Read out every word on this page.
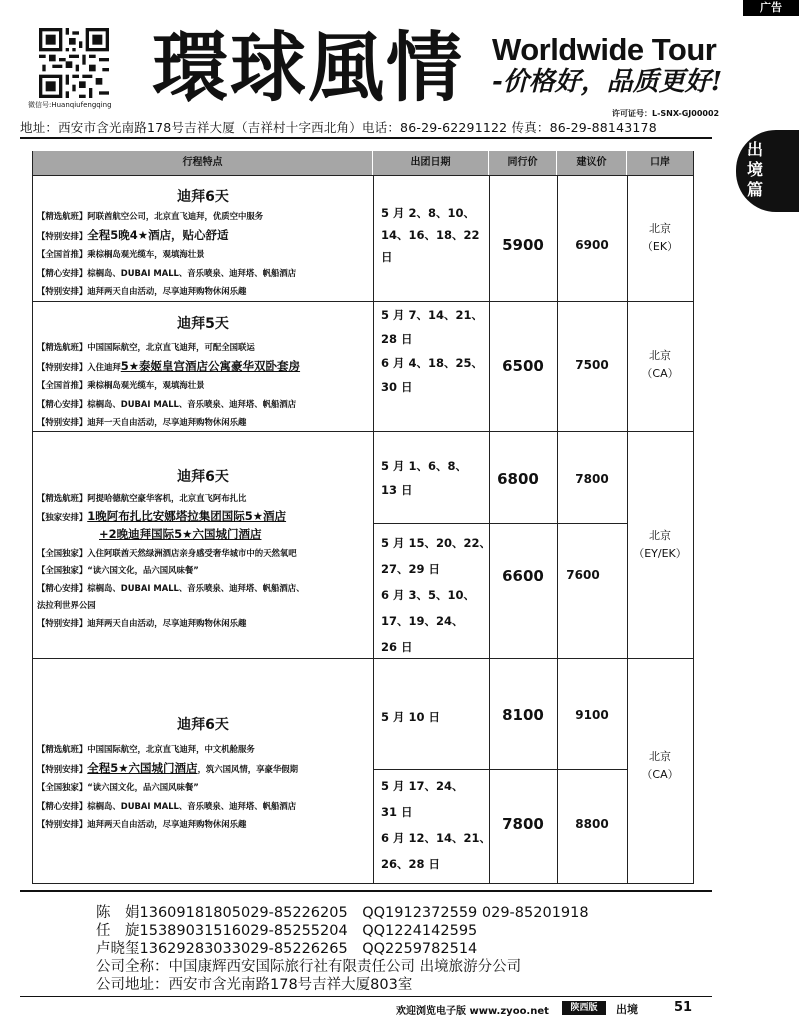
广告
微信号:Huanqiufengqing 環球風情 Worldwide Tour
-价格好，品质更好!
许可证号：L-SNX-GJ00002
地址：西安市含光南路178号吉祥大厦（吉祥村十字西北角）电话：86-29-62291122 传真：86-29-88143178
出境篇
行程特点	出团日期	同行价	建议价	口岸
迪拜6天
【精选航班】阿联酋航空公司，北京直飞迪拜，优质空中服务
【特别安排】全程5晚4★酒店，贴心舒适
【全国首推】乘棕榈岛观光缆车，观填海壮景
【精心安排】棕榈岛、DUBAI MALL、音乐喷泉、迪拜塔、帆船酒店
【特别安排】迪拜两天自由活动，尽享迪拜购物休闲乐趣
5 月 2、8、10、
14、16、18、22
日
5900	6900
北京
（EK）
迪拜5天
【精选航班】中国国际航空，北京直飞迪拜，可配全国联运
【特别安排】入住迪拜5★泰姬皇宫酒店公寓豪华双卧套房
【全国首推】乘棕榈岛观光缆车，观填海壮景
【精心安排】棕榈岛、DUBAI MALL、音乐喷泉、迪拜塔、帆船酒店
【特别安排】迪拜一天自由活动，尽享迪拜购物休闲乐趣
5 月 7、14、21、
28 日
6 月 4、18、25、
30 日
6500	7500
北京
（CA）
迪拜6天
【精选航班】阿提哈德航空豪华客机，北京直飞阿布扎比
【独家安排】1晚阿布扎比安娜塔拉集团国际5★酒店
+2晚迪拜国际5★六国城门酒店
【全国独家】入住阿联酋天然绿洲酒店亲身感受奢华城市中的天然氧吧
【全国独家】“读六国文化，品六国风味餐”
【精心安排】棕榈岛、DUBAI MALL、音乐喷泉、迪拜塔、帆船酒店、
法拉利世界公园
【特别安排】迪拜两天自由活动，尽享迪拜购物休闲乐趣
5 月 1、6、8、
13 日
6800	7800
5 月 15、20、22、
27、29 日
6 月 3、5、10、
17、19、24、
26 日
6600	7600
北京
（EY/EK）
迪拜6天
【精选航班】中国国际航空，北京直飞迪拜，中文机舱服务
【特别安排】全程5★六国城门酒店，筑六国风情，享豪华假期
【全国独家】“读六国文化，品六国风味餐”
【精心安排】棕榈岛、DUBAI MALL、音乐喷泉、迪拜塔、帆船酒店
【特别安排】迪拜两天自由活动，尽享迪拜购物休闲乐趣
5 月 10 日	8100	9100
5 月 17、24、
31 日
6 月 12、14、21、
26、28 日
7800	8800
北京
（CA）
陈　娟13609181805029-85226205　QQ1912372559 029-85201918
任　旋15389031516029-85255204　QQ1224142595
卢晓玺13629283033029-85226265　QQ2259782514
公司全称：中国康辉西安国际旅行社有限责任公司 出境旅游分公司
公司地址：西安市含光南路178号吉祥大厦803室
欢迎浏览电子版 www.zyoo.net	陕西版	出境	51
